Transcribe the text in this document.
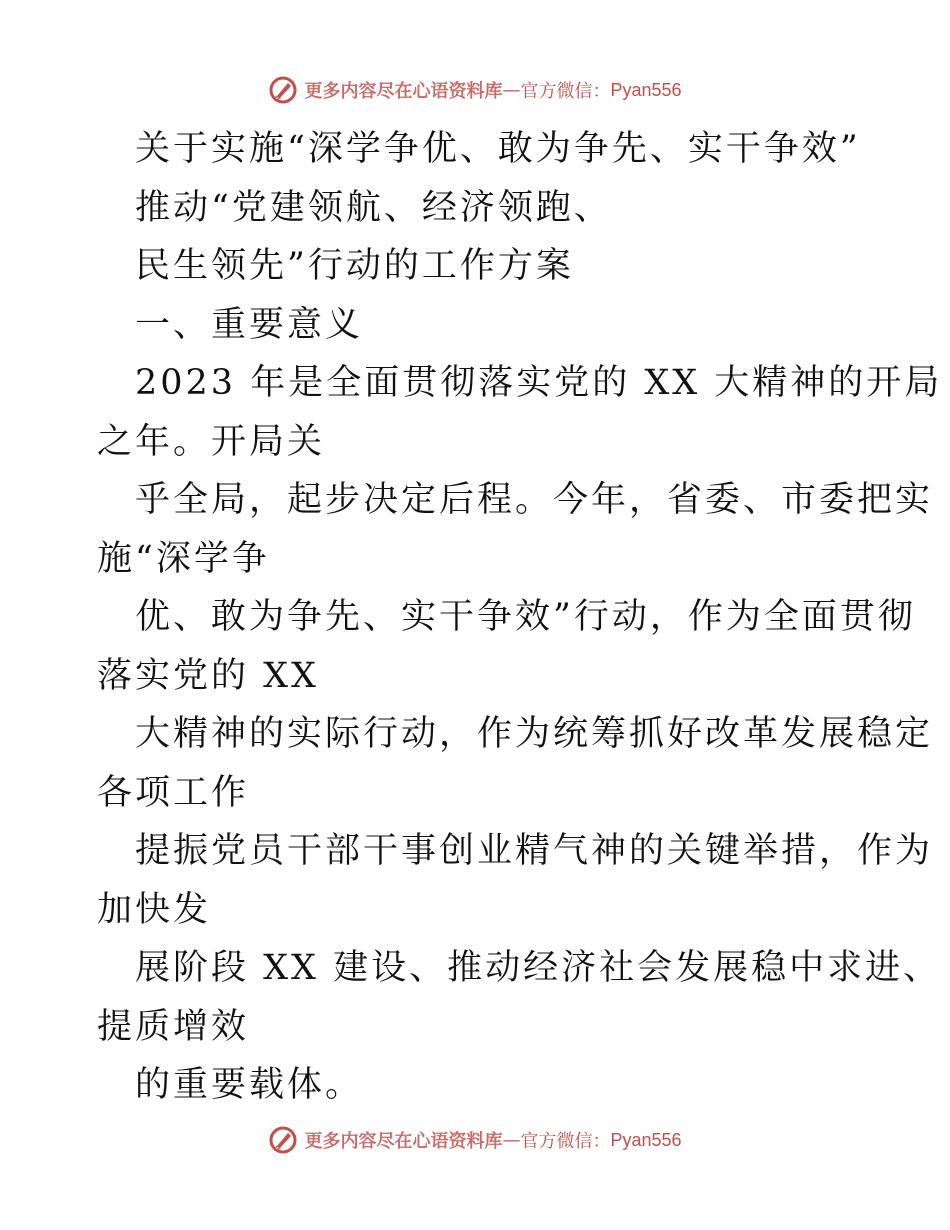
更多内容尽在心语资料库 — 官方微信： Pyan556
关于实施“深学争优、敢为争先、实干争效”
推动“党建领航、经济领跑、
民生领先”行动的工作方案
一、重要意义
2023 年是全面贯彻落实党的 XX 大精神的开局
之年。开局关
乎全局，起步决定后程。今年，省委、市委把实
施“深学争
优、敢为争先、实干争效”行动，作为全面贯彻
落实党的 XX
大精神的实际行动，作为统筹抓好改革发展稳定
各项工作
提振党员干部干事创业精气神的关键举措，作为
加快发
展阶段 XX 建设、推动经济社会发展稳中求进、
提质增效
的重要载体。
更多内容尽在心语资料库 — 官方微信： Pyan556
